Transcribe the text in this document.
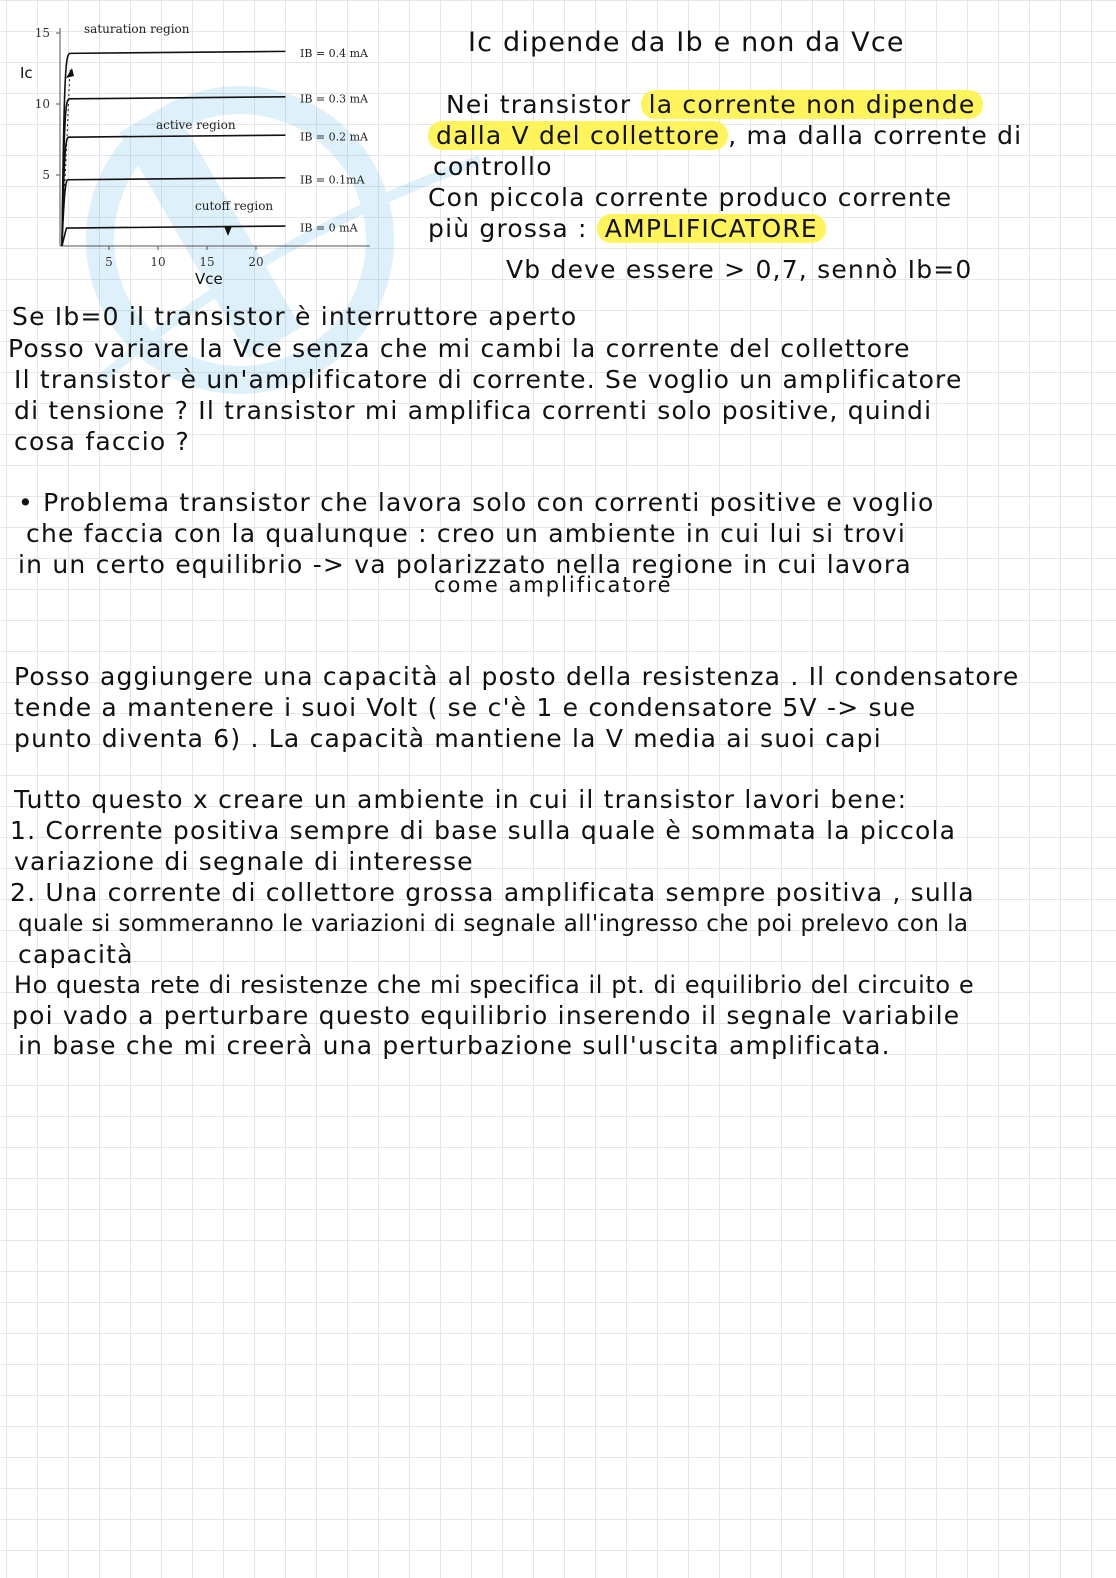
5
10
15
5	10	15	20
Ic
Vce
IB = 0.4 mA
IB = 0.3 mA
IB = 0.2 mA
IB = 0.1mA
IB = 0 mA
saturation region
active region
cutoff region
Ic dipende da Ib e non da Vce
Nei transistor la corrente non dipende
dalla V del collettore , ma dalla corrente di
controllo
Con piccola corrente produco corrente
più grossa : AMPLIFICATORE
Vb deve essere > 0,7, sennò Ib=0
Se Ib=0 il transistor è interruttore aperto
Posso variare la Vce senza che mi cambi la corrente del collettore
Il transistor è un'amplificatore di corrente. Se voglio un amplificatore
di tensione ? Il transistor mi amplifica correnti solo positive, quindi
cosa faccio ?
• Problema transistor che lavora solo con correnti positive e voglio
che faccia con la qualunque : creo un ambiente in cui lui si trovi
in un certo equilibrio -> va polarizzato nella regione in cui lavora
come amplificatore
Posso aggiungere una capacità al posto della resistenza . Il condensatore
tende a mantenere i suoi Volt ( se c'è 1 e condensatore 5V -> sue
punto diventa 6) . La capacità mantiene la V media ai suoi capi
Tutto questo x creare un ambiente in cui il transistor lavori bene:
1. Corrente positiva sempre di base sulla quale è sommata la piccola
variazione di segnale di interesse
2. Una corrente di collettore grossa amplificata sempre positiva , sulla
quale si sommeranno le variazioni di segnale all'ingresso che poi prelevo con la
capacità
Ho questa rete di resistenze che mi specifica il pt. di equilibrio del circuito e
poi vado a perturbare questo equilibrio inserendo il segnale variabile
in base che mi creerà una perturbazione sull'uscita amplificata.
